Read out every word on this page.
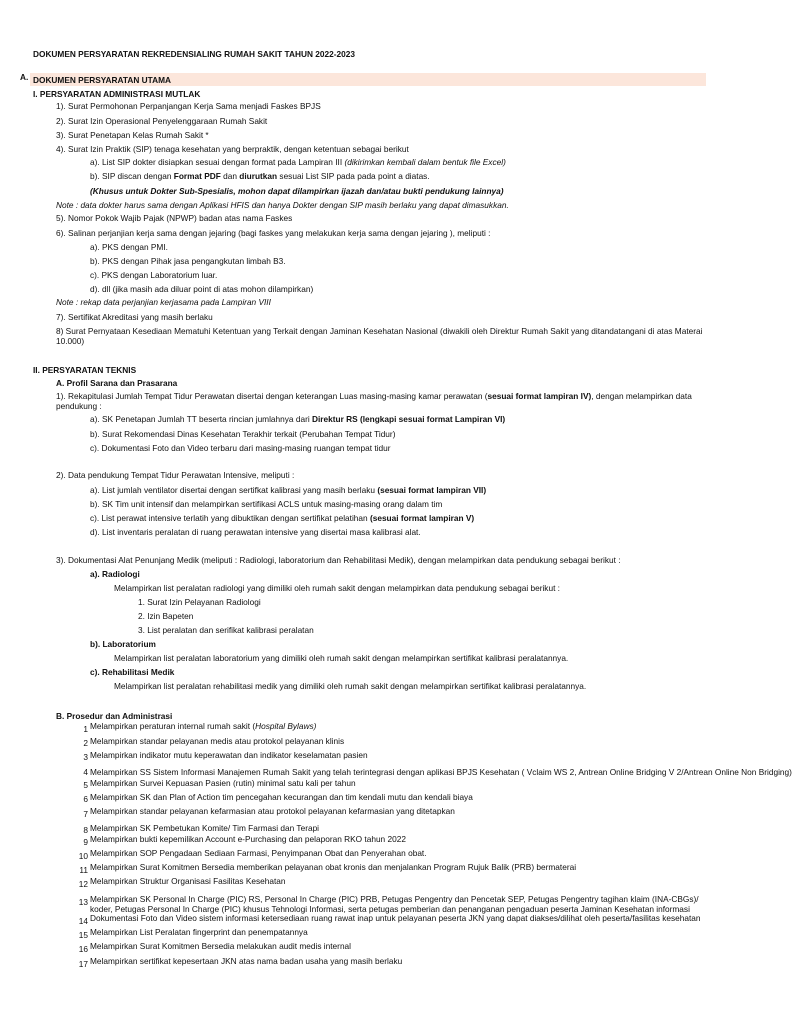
DOKUMEN PERSYARATAN REKREDENSIALING RUMAH SAKIT TAHUN 2022-2023
A. DOKUMEN PERSYARATAN UTAMA
I. PERSYARATAN ADMINISTRASI MUTLAK
1). Surat Permohonan Perpanjangan Kerja Sama menjadi Faskes BPJS
2). Surat Izin Operasional Penyelenggaraan Rumah Sakit
3). Surat Penetapan Kelas Rumah Sakit *
4). Surat Izin Praktik (SIP) tenaga kesehatan yang berpraktik, dengan ketentuan sebagai berikut
a). List SIP dokter disiapkan sesuai dengan format pada Lampiran III (dikirimkan kembali dalam bentuk file Excel)
b). SIP discan dengan Format PDF dan diurutkan sesuai List SIP pada pada point a diatas.
(Khusus untuk Dokter Sub-Spesialis, mohon dapat dilampirkan ijazah dan/atau bukti pendukung lainnya)
Note : data dokter harus sama dengan Aplikasi HFIS dan hanya Dokter dengan SIP masih berlaku yang dapat dimasukkan.
5). Nomor Pokok Wajib Pajak (NPWP) badan atas nama Faskes
6). Salinan perjanjian kerja sama dengan jejaring (bagi faskes yang melakukan kerja sama dengan jejaring ), meliputi :
a). PKS dengan PMI.
b). PKS dengan Pihak jasa pengangkutan limbah B3.
c). PKS dengan Laboratorium luar.
d). dll (jika masih ada diluar point di atas mohon dilampirkan)
Note : rekap data perjanjian kerjasama pada Lampiran VIII
7). Sertifikat Akreditasi yang masih berlaku
8) Surat Pernyataan Kesediaan Mematuhi Ketentuan yang Terkait dengan Jaminan Kesehatan Nasional (diwakili oleh Direktur Rumah Sakit yang ditandatangani di atas Materai 10.000)
II. PERSYARATAN TEKNIS
A. Profil Sarana dan Prasarana
1). Rekapitulasi Jumlah Tempat Tidur Perawatan disertai dengan keterangan Luas masing-masing kamar perawatan (sesuai format lampiran IV), dengan melampirkan data pendukung :
a). SK Penetapan Jumlah TT beserta rincian jumlahnya dari Direktur RS (lengkapi sesuai format Lampiran VI)
b). Surat Rekomendasi Dinas Kesehatan Terakhir terkait (Perubahan Tempat Tidur)
c). Dokumentasi Foto dan Video terbaru dari masing-masing ruangan tempat tidur
2). Data pendukung Tempat Tidur Perawatan Intensive, meliputi :
a). List jumlah ventilator disertai dengan sertifkat kalibrasi yang masih berlaku (sesuai format lampiran VII)
b). SK Tim unit intensif dan melampirkan sertifikasi ACLS untuk masing-masing orang dalam tim
c). List perawat intensive terlatih yang dibuktikan dengan sertifikat pelatihan (sesuai format lampiran V)
d). List inventaris peralatan di ruang perawatan intensive yang disertai masa kalibrasi alat.
3). Dokumentasi Alat Penunjang Medik (meliputi : Radiologi, laboratorium dan Rehabilitasi Medik), dengan melampirkan data pendukung sebagai berikut :
a). Radiologi
Melampirkan list peralatan radiologi yang dimiliki oleh rumah sakit dengan melampirkan data pendukung sebagai berikut :
1. Surat Izin Pelayanan Radiologi
2. Izin Bapeten
3. List peralatan dan serifikat kalibrasi peralatan
b). Laboratorium
Melampirkan list peralatan laboratorium yang dimiliki oleh rumah sakit dengan melampirkan sertifikat kalibrasi peralatannya.
c). Rehabilitasi Medik
Melampirkan list peralatan rehabilitasi medik yang dimiliki oleh rumah sakit dengan melampirkan sertifikat kalibrasi peralatannya.
B. Prosedur dan Administrasi
1 Melampirkan peraturan internal rumah sakit (Hospital Bylaws)
2 Melampirkan standar pelayanan medis atau protokol pelayanan klinis
3 Melampirkan indikator mutu keperawatan dan indikator keselamatan pasien
4 Melampirkan SS Sistem Informasi Manajemen Rumah Sakit yang telah terintegrasi dengan aplikasi BPJS Kesehatan ( Vclaim WS 2, Antrean Online Bridging V 2/Antrean Online Non Bridging)
5 Melampirkan Survei Kepuasan Pasien (rutin) minimal satu kali per tahun
6 Melampirkan SK dan Plan of Action tim pencegahan kecurangan dan tim kendali mutu dan kendali biaya
7 Melampirkan standar pelayanan kefarmasian atau protokol pelayanan kefarmasian yang ditetapkan
8 Melampirkan SK Pembetukan Komite/ Tim Farmasi dan Terapi
9 Melampirkan bukti kepemilikan Account e-Purchasing dan pelaporan RKO tahun 2022
10 Melampirkan SOP Pengadaan Sediaan Farmasi, Penyimpanan Obat dan Penyerahan obat.
11 Melampirkan Surat Komitmen Bersedia memberikan pelayanan obat kronis dan menjalankan Program Rujuk Balik (PRB) bermaterai
12 Melampirkan Struktur Organisasi Fasilitas Kesehatan
13 Melampirkan SK Personal In Charge (PIC) RS, Personal In Charge (PIC) PRB, Petugas Pengentry dan Pencetak SEP, Petugas Pengentry tagihan klaim (INA-CBGs)/ koder, Petugas Personal In Charge (PIC) khusus Tehnologi Informasi, serta petugas pemberian dan penanganan pengaduan peserta Jaminan Kesehatan informasi
14 Dokumentasi Foto dan Video sistem informasi ketersediaan ruang rawat inap untuk pelayanan peserta JKN yang dapat diakses/dilihat oleh peserta/fasilitas kesehatan
15 Melampirkan List Peralatan fingerprint dan penempatannya
16 Melampirkan Surat Komitmen Bersedia melakukan audit medis internal
17 Melampirkan sertifikat kepesertaan JKN atas nama badan usaha yang masih berlaku
